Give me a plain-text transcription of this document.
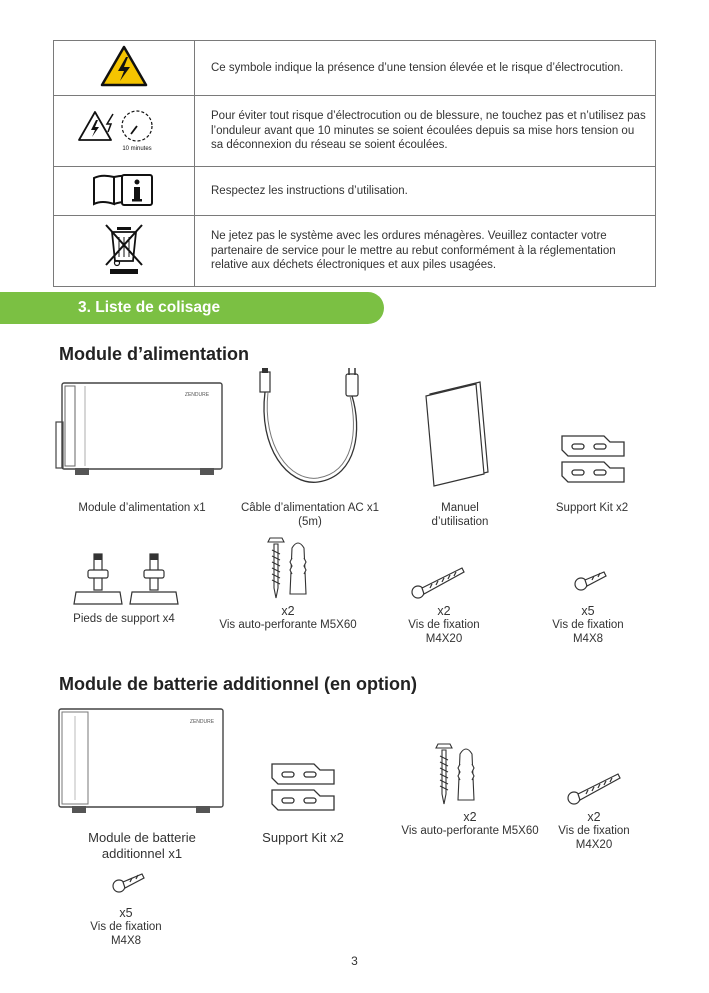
	Ce symbole indique la présence d’une tension élevée et le risque d’électrocution.

10 minutes	Pour éviter tout risque d’électrocution ou de blessure, ne touchez pas et n’utilisez pas l’onduleur avant que 10 minutes se soient écoulées depuis sa mise hors tension ou sa déconnexion du réseau se soient écoulées.
	Respectez les instructions d’utilisation.
	Ne jetez pas le système avec les ordures ménagères. Veuillez contacter votre partenaire de service pour le mettre au rebut conformément à la réglementation relative aux déchets électroniques et aux piles usagées.
3. Liste de colisage
Module d’alimentation
ZENDURE
Module d’alimentation x1	Câble d’alimentation AC x1 (5m)
Manuel d’utilisation
Support Kit x2
Pieds de support x4
x2
Vis auto-perforante M5X60
x2
Vis de fixation M4X20
x5
Vis de fixation M4X8
Module de batterie additionnel (en option)
ZENDURE
Module de batterie additionnel x1
Support Kit x2
x2
Vis auto-perforante M5X60
x2
Vis de fixation M4X20
x5
Vis de fixation M4X8
3
